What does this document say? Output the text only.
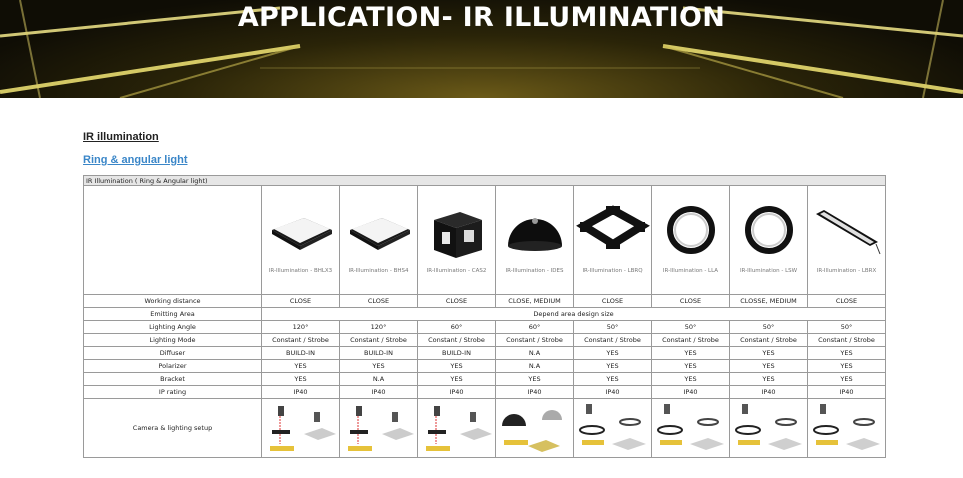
APPLICATION- IR ILLUMINATION
IR illumination
Ring & angular light
IR Illumination ( Ring & Angular light)								

	IR-Illumination - BHLX3	IR-Illumination - BHS4	IR-Illumination - CAS2	IR-Illumination - IDES	IR-Illumination - LBRQ	IR-Illumination - LLA	IR-Illumination - LSW	IR-Illumination - LBRX

Working distance	CLOSE	CLOSE	CLOSE	CLOSE, MEDIUM	CLOSE	CLOSE	CLOSSE, MEDIUM	CLOSE
Emitting Area	Depend area design size							
Lighting Angle	120°	120°	60°	60°	50°	50°	50°	50°
Lighting Mode	Constant / Strobe	Constant / Strobe	Constant / Strobe	Constant / Strobe	Constant / Strobe	Constant / Strobe	Constant / Strobe	Constant / Strobe
Diffuser	BUILD-IN	BUILD-IN	BUILD-IN	N.A	YES	YES	YES	YES
Polarizer	YES	YES	YES	N.A	YES	YES	YES	YES
Bracket	YES	N.A	YES	YES	YES	YES	YES	YES
IP rating	IP40	IP40	IP40	IP40	IP40	IP40	IP40	IP40
Camera & lighting setup	
